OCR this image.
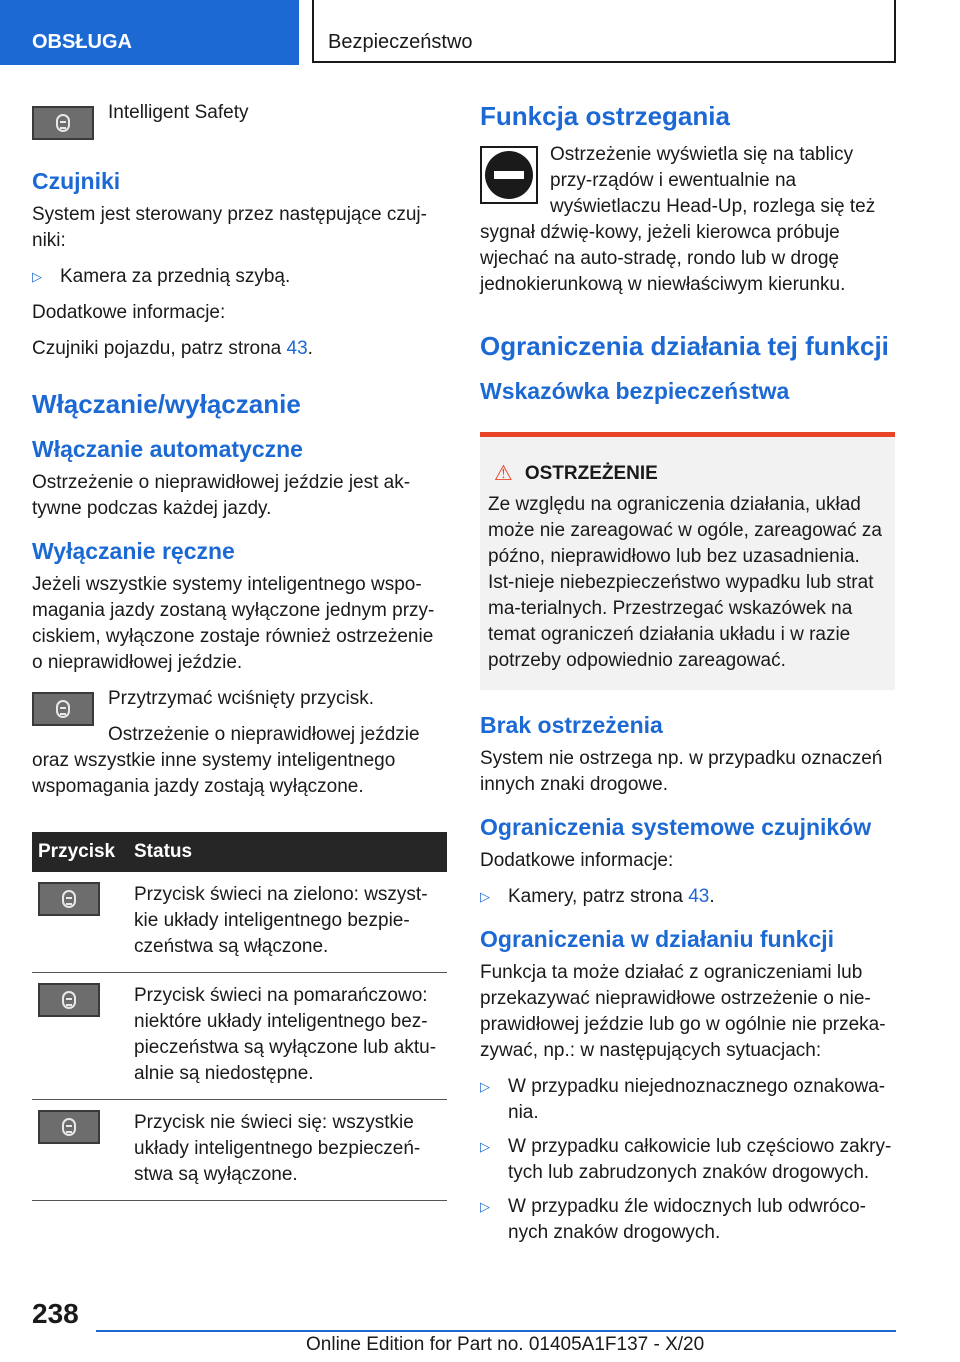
OBSŁUGA	Bezpieczeństwo

Intelligent Safety

Czujniki

System jest sterowany przez następujące czuj-niki:

▷ Kamera za przednią szybą.

Dodatkowe informacje:

Czujniki pojazdu, patrz strona 43.

Włączanie/wyłączanie
Włączanie automatyczne

Ostrzeżenie o nieprawidłowej jeździe jest ak-tywne podczas każdej jazdy.

Wyłączanie ręczne

Jeżeli wszystkie systemy inteligentnego wspo-magania jazdy zostaną wyłączone jednym przy-ciskiem, wyłączone zostaje również ostrzeżenie o nieprawidłowej jeździe.

Przytrzymać wciśnięty przycisk.

Ostrzeżenie o nieprawidłowej jeździe oraz wszystkie inne systemy inteligentnego wspomagania jazdy zostają wyłączone.

Przycisk	Status

	Przycisk świeci na zielono: wszyst-kie układy inteligentnego bezpie-czeństwa są włączone.

	Przycisk świeci na pomarańczowo: niektóre układy inteligentnego bez-pieczeństwa są wyłączone lub aktu-alnie są niedostępne.

	Przycisk nie świeci się: wszystkie układy inteligentnego bezpieczeń-stwa są wyłączone.
Funkcja ostrzegania

Ostrzeżenie wyświetla się na tablicy przy-rządów i ewentualnie na wyświetlaczu Head-Up, rozlega się też sygnał dźwię-kowy, jeżeli kierowca próbuje wjechać na auto-stradę, rondo lub w drogę jednokierunkową w niewłaściwym kierunku.

Ograniczenia działania tej funkcji
Wskazówka bezpieczeństwa
⚠ OSTRZEŻENIE

Ze względu na ograniczenia działania, układ może nie zareagować w ogóle, zareagować za późno, nieprawidłowo lub bez uzasadnienia. Ist-nieje niebezpieczeństwo wypadku lub strat ma-terialnych. Przestrzegać wskazówek na temat ograniczeń działania układu i w razie potrzeby odpowiednio zareagować.

Brak ostrzeżenia

System nie ostrzega np. w przypadku oznaczeń innych znaki drogowe.

Ograniczenia systemowe czujników

Dodatkowe informacje:

▷ Kamery, patrz strona 43.
Ograniczenia w działaniu funkcji

Funkcja ta może działać z ograniczeniami lub przekazywać nieprawidłowe ostrzeżenie o nie-prawidłowej jeździe lub go w ogólnie nie przeka-zywać, np.: w następujących sytuacjach:

▷ W przypadku niejednoznacznego oznakowa-nia.
▷ W przypadku całkowicie lub częściowo zakry-tych lub zabrudzonych znaków drogowych.
▷ W przypadku źle widocznych lub odwróco-nych znaków drogowych.
238
Online Edition for Part no. 01405A1F137 - X/20
